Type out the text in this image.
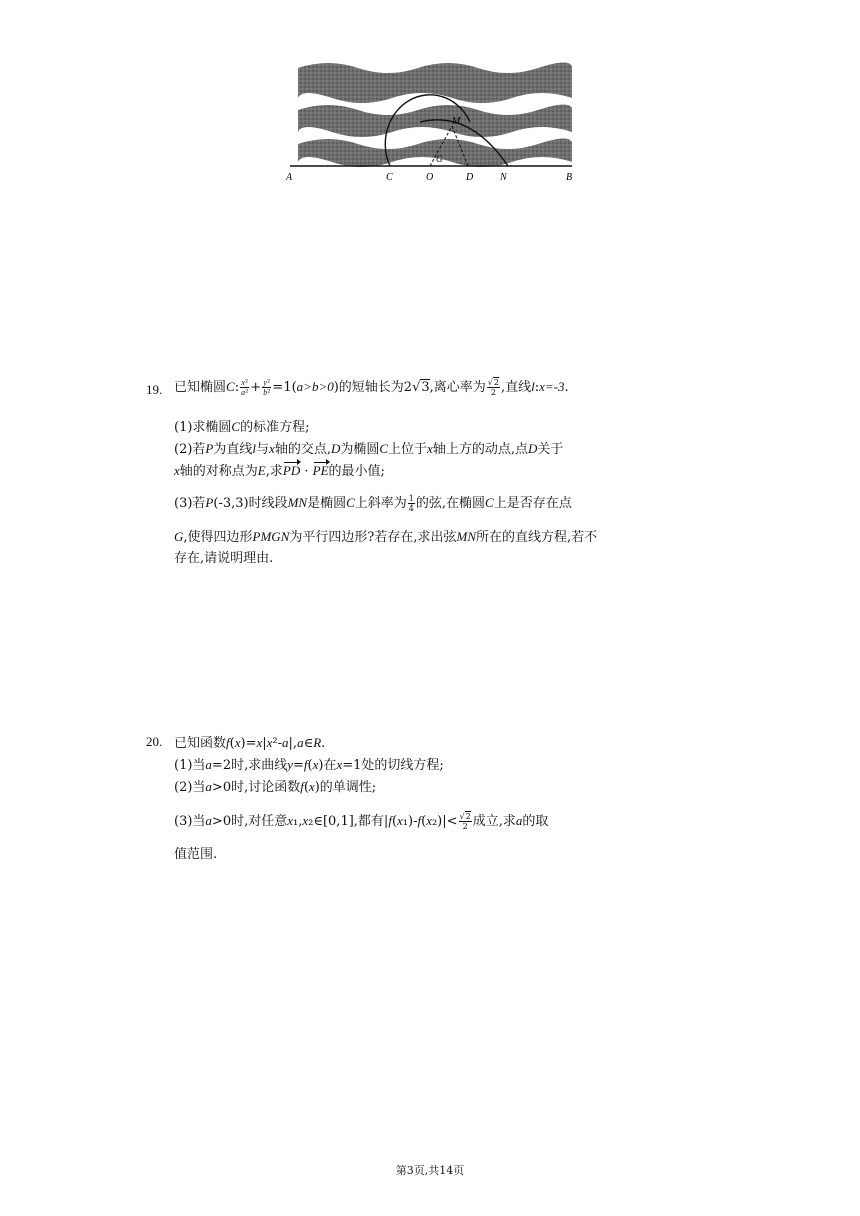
A	C	O	D	N	B
M
G
19. 已知椭圆C: $\frac{\text{x²}}{\text{a²}} + \frac{\text{y²}}{\text{b²}} =1(a>b>0)$的短轴长为2√3,离心率为 $\frac{√2}{2}$ ,直线l:x=-3.
(1)求椭圆C的标准方程;
(2)若P为直线l与x轴的交点,D为椭圆C上位于x轴上方的动点,点D关于
x轴的对称点为E,求PD · PE的最小值;
(3)若P(-3,3)时线段MN是椭圆C上斜率为 $\frac{1}{4}$ 的弦,在椭圆C上是否存在点
G,使得四边形PMGN为平行四边形?若存在,求出弦MN所在的直线方程,若不
存在,请说明理由.
20. 已知函数f(x)=x|x²-a|,a∈R.
(1)当a=2时,求曲线y=f(x)在x=1处的切线方程;
(2)当a>0时,讨论函数f(x)的单调性;
(3)当a>0时,对任意x₁,x₂∈[0,1],都有$|f(x_1)-f(x_2)|< \frac{√2}{2}$ 成立,求a的取
值范围.
第3页,共14页
